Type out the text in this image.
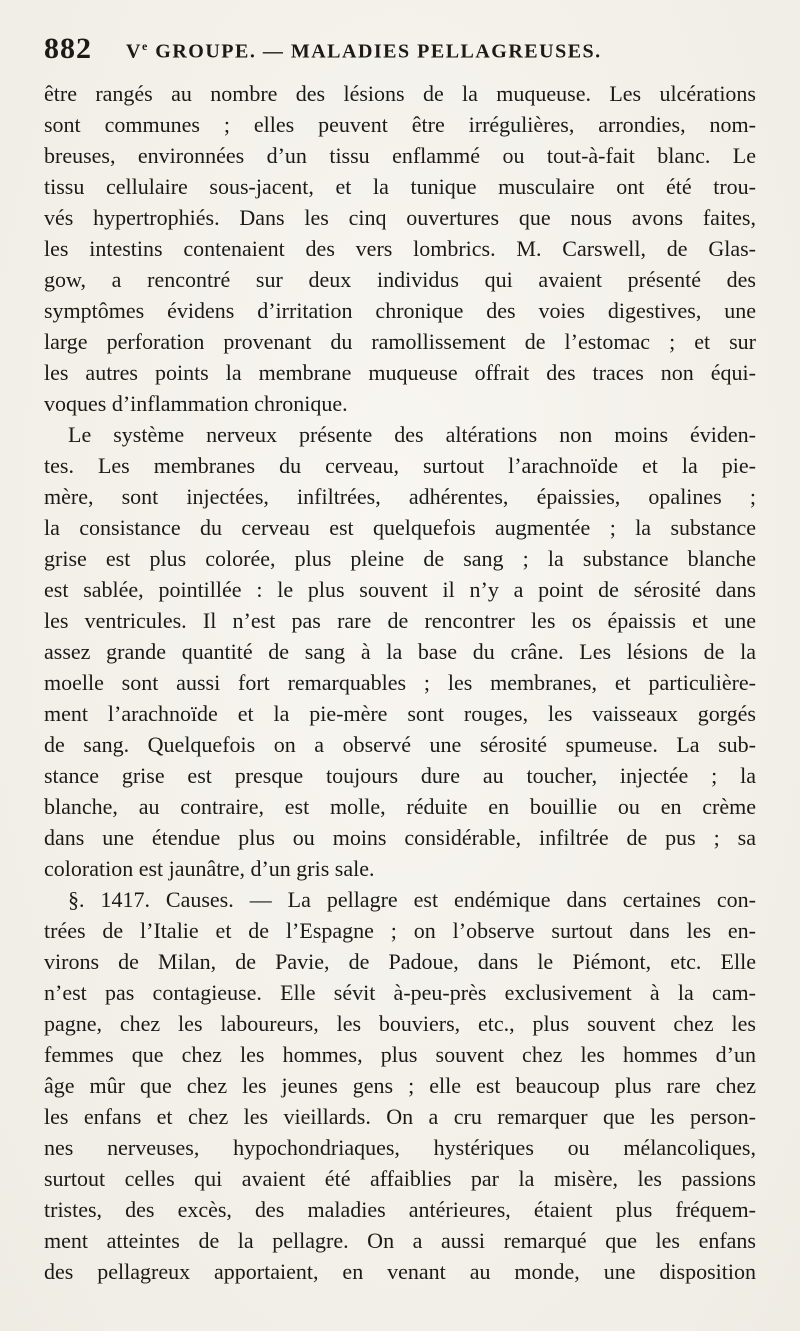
882	Ve GROUPE. — MALADIES PELLAGREUSES.
être rangés au nombre des lésions de la muqueuse. Les ulcérations
sont communes ; elles peuvent être irrégulières, arrondies, nom-
breuses, environnées d’un tissu enflammé ou tout-à-fait blanc. Le
tissu cellulaire sous-jacent, et la tunique musculaire ont été trou-
vés hypertrophiés. Dans les cinq ouvertures que nous avons faites,
les intestins contenaient des vers lombrics. M. Carswell, de Glas-
gow, a rencontré sur deux individus qui avaient présenté des
symptômes évidens d’irritation chronique des voies digestives, une
large perforation provenant du ramollissement de l’estomac ; et sur
les autres points la membrane muqueuse offrait des traces non équi-
voques d’inflammation chronique.
Le système nerveux présente des altérations non moins éviden-
tes. Les membranes du cerveau, surtout l’arachnoïde et la pie-
mère, sont injectées, infiltrées, adhérentes, épaissies, opalines ;
la consistance du cerveau est quelquefois augmentée ; la substance
grise est plus colorée, plus pleine de sang ; la substance blanche
est sablée, pointillée : le plus souvent il n’y a point de sérosité dans
les ventricules. Il n’est pas rare de rencontrer les os épaissis et une
assez grande quantité de sang à la base du crâne. Les lésions de la
moelle sont aussi fort remarquables ; les membranes, et particulière-
ment l’arachnoïde et la pie-mère sont rouges, les vaisseaux gorgés
de sang. Quelquefois on a observé une sérosité spumeuse. La sub-
stance grise est presque toujours dure au toucher, injectée ; la
blanche, au contraire, est molle, réduite en bouillie ou en crème
dans une étendue plus ou moins considérable, infiltrée de pus ; sa
coloration est jaunâtre, d’un gris sale.
§. 1417. Causes. — La pellagre est endémique dans certaines con-
trées de l’Italie et de l’Espagne ; on l’observe surtout dans les en-
virons de Milan, de Pavie, de Padoue, dans le Piémont, etc. Elle
n’est pas contagieuse. Elle sévit à-peu-près exclusivement à la cam-
pagne, chez les laboureurs, les bouviers, etc., plus souvent chez les
femmes que chez les hommes, plus souvent chez les hommes d’un
âge mûr que chez les jeunes gens ; elle est beaucoup plus rare chez
les enfans et chez les vieillards. On a cru remarquer que les person-
nes nerveuses, hypochondriaques, hystériques ou mélancoliques,
surtout celles qui avaient été affaiblies par la misère, les passions
tristes, des excès, des maladies antérieures, étaient plus fréquem-
ment atteintes de la pellagre. On a aussi remarqué que les enfans
des pellagreux apportaient, en venant au monde, une disposition
